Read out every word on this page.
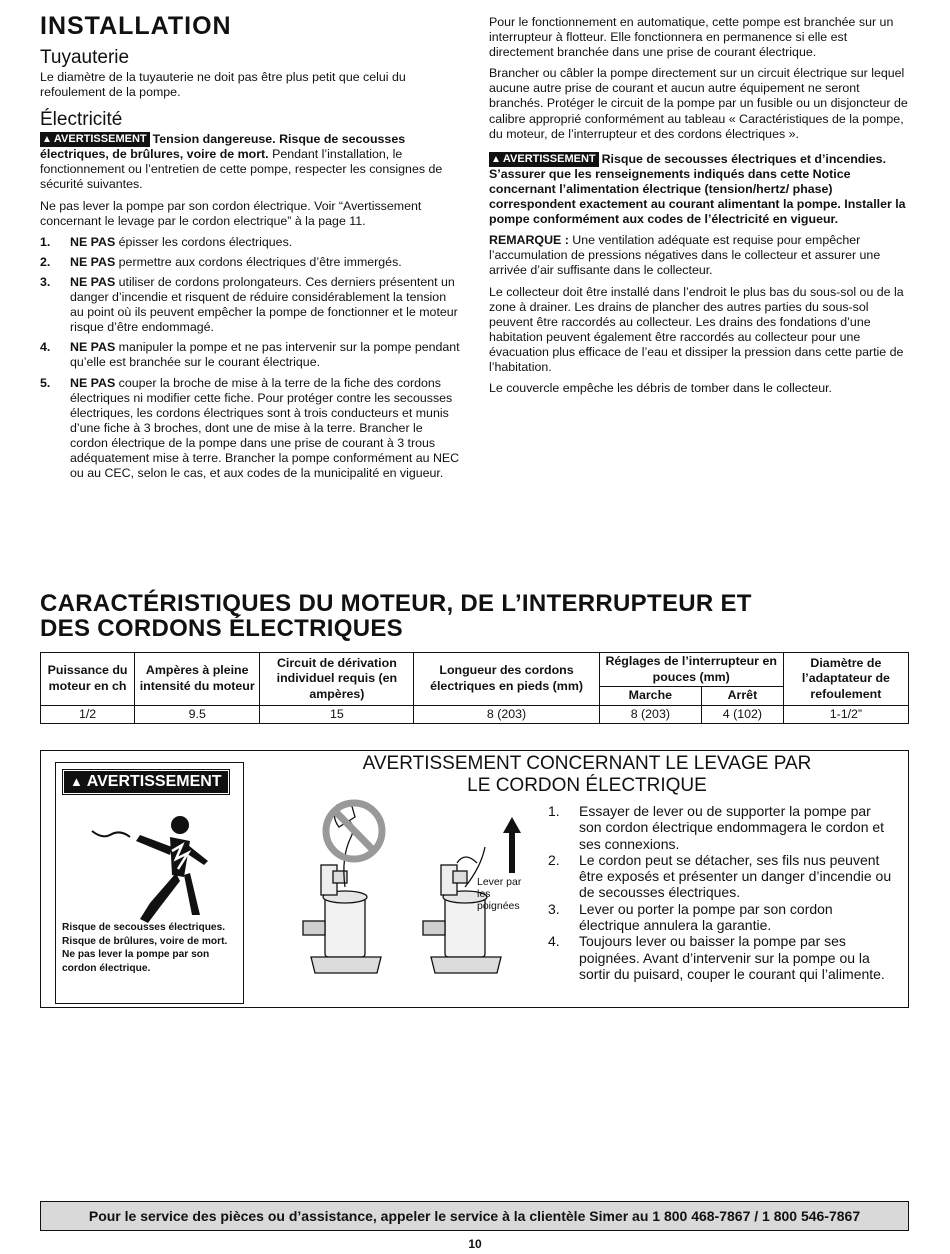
INSTALLATION
Tuyauterie

Le diamètre de la tuyauterie ne doit pas être plus petit que celui du refoulement de la pompe.

Électricité

▲ AVERTISSEMENT Tension dangereuse. Risque de secousses électriques, de brûlures, voire de mort. Pendant l’installation, le fonctionnement ou l’entretien de cette pompe, respecter les consignes de sécurité suivantes.

Ne pas lever la pompe par son cordon électrique. Voir “Avertissement concernant le levage par le cordon electrique” à la page 11.

1. NE PAS épisser les cordons électriques.
2. NE PAS permettre aux cordons électriques d’être immergés.
3. NE PAS utiliser de cordons prolongateurs. Ces derniers présentent un danger d’incendie et risquent de réduire considérablement la tension au point où ils peuvent empêcher la pompe de fonctionner et le moteur risque d’être endommagé.
4. NE PAS manipuler la pompe et ne pas intervenir sur la pompe pendant qu’elle est branchée sur le courant électrique.
5. NE PAS couper la broche de mise à la terre de la fiche des cordons électriques ni modifier cette fiche. Pour protéger contre les secousses électriques, les cordons électriques sont à trois conducteurs et munis d’une fiche à 3 broches, dont une de mise à la terre. Brancher le cordon électrique de la pompe dans une prise de courant à 3 trous adéquatement mise à terre. Brancher la pompe conformément au NEC ou au CEC, selon le cas, et aux codes de la municipalité en vigueur.

Pour le fonctionnement en automatique, cette pompe est branchée sur un interrupteur à flotteur. Elle fonctionnera en permanence si elle est directement branchée dans une prise de courant électrique.

Brancher ou câbler la pompe directement sur un circuit électrique sur lequel aucune autre prise de courant et aucun autre équipement ne seront branchés. Protéger le circuit de la pompe par un fusible ou un disjoncteur de calibre approprié conformément au tableau « Caractéristiques de la pompe, du moteur, de l’interrupteur et des cordons électriques ».

▲ AVERTISSEMENT Risque de secousses électriques et d’incendies. S’assurer que les renseignements indiqués dans cette Notice concernant l’alimentation électrique (tension/hertz/ phase) correspondent exactement au courant alimentant la pompe. Installer la pompe conformément aux codes de l’électricité en vigueur.

REMARQUE : Une ventilation adéquate est requise pour empêcher l’accumulation de pressions négatives dans le collecteur et assurer une arrivée d’air suffisante dans le collecteur.

Le collecteur doit être installé dans l’endroit le plus bas du sous-sol ou de la zone à drainer. Les drains de plancher des autres parties du sous-sol peuvent être raccordés au collecteur. Les drains des fondations d’une habitation peuvent également être raccordés au collecteur pour une évacuation plus efficace de l’eau et dissiper la pression dans cette partie de l’habitation.

Le couvercle empêche les débris de tomber dans le collecteur.

CARACTÉRISTIQUES DU MOTEUR, DE L’INTERRUPTEUR ET
DES CORDONS ÉLECTRIQUES
Puissance du moteur en ch	Ampères à pleine intensité du moteur	Circuit de dérivation individuel requis (en ampères)	Longueur des cordons électriques en pieds (mm)	Réglages de l’interrupteur en pouces (mm)		Diamètre de l’adaptateur de refoulement
				Marche	Arrêt	
1/2	9.5	15	8 (203)	8 (203)	4 (102)	1-1/2”
▲ AVERTISSEMENT
Risque de secousses électriques.
Risque de brûlures, voire de mort.
Ne pas lever la pompe par son cordon électrique.
AVERTISSEMENT CONCERNANT LE LEVAGE PAR
LE CORDON ÉLECTRIQUE
Lever par les poignées
1. Essayer de lever ou de supporter la pompe par son cordon électrique endommagera le cordon et ses connexions.
2. Le cordon peut se détacher, ses fils nus peuvent être exposés et présenter un danger d’incendie ou de secousses électriques.
3. Lever ou porter la pompe par son cordon électrique annulera la garantie.
4. Toujours lever ou baisser la pompe par ses poignées. Avant d’intervenir sur la pompe ou la sortir du puisard, couper le courant qui l’alimente.
Pour le service des pièces ou d’assistance, appeler le service à la clientèle Simer au 1 800 468-7867 / 1 800 546-7867
10
